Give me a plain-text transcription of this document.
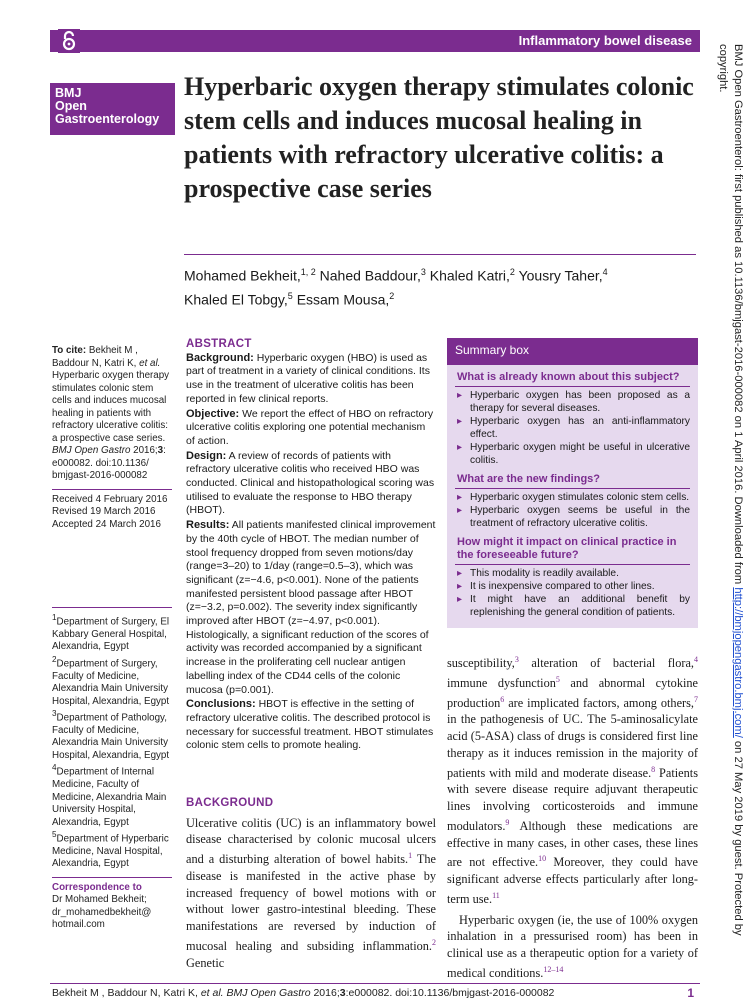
Inflammatory bowel disease
BMJ
Open
Gastroenterology
Hyperbaric oxygen therapy stimulates colonic stem cells and induces mucosal healing in patients with refractory ulcerative colitis: a prospective case series
Mohamed Bekheit,$^{1, 2}$ Nahed Baddour,$^3$ Khaled Katri,$^2$ Yousry Taher,$^4$
Khaled El Tobgy,$^5$ Essam Mousa,$^2$	BMJ Open Gastroenterol: first published as 10.1136/bmjgast-2016-000082 on 1 April 2016. Downloaded from http://bmjopengastro.bmj.com/ on 27 May 2019 by guest. Protected by copyright.

To cite: Bekheit M , Baddour N, Katri K, et al. Hyperbaric oxygen therapy stimulates colonic stem cells and induces mucosal healing in patients with refractory ulcerative colitis: a prospective case series. BMJ Open Gastro 2016;3: e000082. doi:10.1136/ bmjgast-2016-000082

Received 4 February 2016

Revised 19 March 2016

Accepted 24 March 2016

$^1$Department of Surgery, El Kabbary General Hospital, Alexandria, Egypt

$^2$Department of Surgery, Faculty of Medicine, Alexandria Main University Hospital, Alexandria, Egypt

$^3$Department of Pathology, Faculty of Medicine, Alexandria Main University Hospital, Alexandria, Egypt

$^4$Department of Internal Medicine, Faculty of Medicine, Alexandria Main University Hospital, Alexandria, Egypt

$^5$Department of Hyperbaric Medicine, Naval Hospital, Alexandria, Egypt

Correspondence to

Dr Mohamed Bekheit;

dr_mohamedbekheit@ hotmail.com

ABSTRACT

Background: Hyperbaric oxygen (HBO) is used as part of treatment in a variety of clinical conditions. Its use in the treatment of ulcerative colitis has been reported in few clinical reports.

Objective: We report the effect of HBO on refractory ulcerative colitis exploring one potential mechanism of action.

Design: A review of records of patients with refractory ulcerative colitis who received HBO was conducted. Clinical and histopathological scoring was utilised to evaluate the response to HBO therapy (HBOT).

Results: All patients manifested clinical improvement by the 40th cycle of HBOT. The median number of stool frequency dropped from seven motions/day (range=3–20) to 1/day (range=0.5–3), which was significant (z=−4.6, p<0.001). None of the patients manifested persistent blood passage after HBOT (z=−3.2, p=0.002). The severity index significantly improved after HBOT (z=−4.97, p<0.001). Histologically, a significant reduction of the scores of activity was recorded accompanied by a significant increase in the proliferating cell nuclear antigen labelling index of the CD44 cells of the colonic mucosa (p=0.001).

Conclusions: HBOT is effective in the setting of refractory ulcerative colitis. The described protocol is necessary for successful treatment. HBOT stimulates colonic stem cells to promote healing.

Summary box
What is already known about this subject?
▸ Hyperbaric oxygen has been proposed as a therapy for several diseases.
▸ Hyperbaric oxygen has an anti-inflammatory effect.
▸ Hyperbaric oxygen might be useful in ulcerative colitis.
What are the new findings?
▸ Hyperbaric oxygen stimulates colonic stem cells.
▸ Hyperbaric oxygen seems be useful in the treatment of refractory ulcerative colitis.
How might it impact on clinical practice in the foreseeable future?
▸ This modality is readily available.
▸ It is inexpensive compared to other lines.
▸ It might have an additional benefit by replenishing the general condition of patients.
BACKGROUND

Ulcerative colitis (UC) is an inflammatory bowel disease characterised by colonic mucosal ulcers and a disturbing alteration of bowel habits.$^1$ The disease is manifested in the active phase by increased frequency of bowel motions with or without lower gastro-intestinal bleeding. These manifestations are reversed by induction of mucosal healing and subsiding inflammation.$^2$ Genetic

susceptibility,$^3$ alteration of bacterial flora,$^4$ immune dysfunction$^5$ and abnormal cytokine production$^6$ are implicated factors, among others,$^7$ in the pathogenesis of UC. The 5-aminosalicylate acid (5-ASA) class of drugs is considered first line therapy as it induces remission in the majority of patients with mild and moderate disease.$^8$ Patients with severe disease require adjuvant therapeutic lines involving corticosteroids and immune modulators.$^9$ Although these medications are effective in many cases, in other cases, these lines are not effective.$^{10}$ Moreover, they could have significant adverse effects particularly after long-term use.$^{11}$

Hyperbaric oxygen (ie, the use of 100% oxygen inhalation in a pressurised room) has been in clinical use as a therapeutic option for a variety of medical conditions.$^{12-14}$

Bekheit M , Baddour N, Katri K, et al. BMJ Open Gastro 2016;3:e000082. doi:10.1136/bmjgast-2016-000082	1
